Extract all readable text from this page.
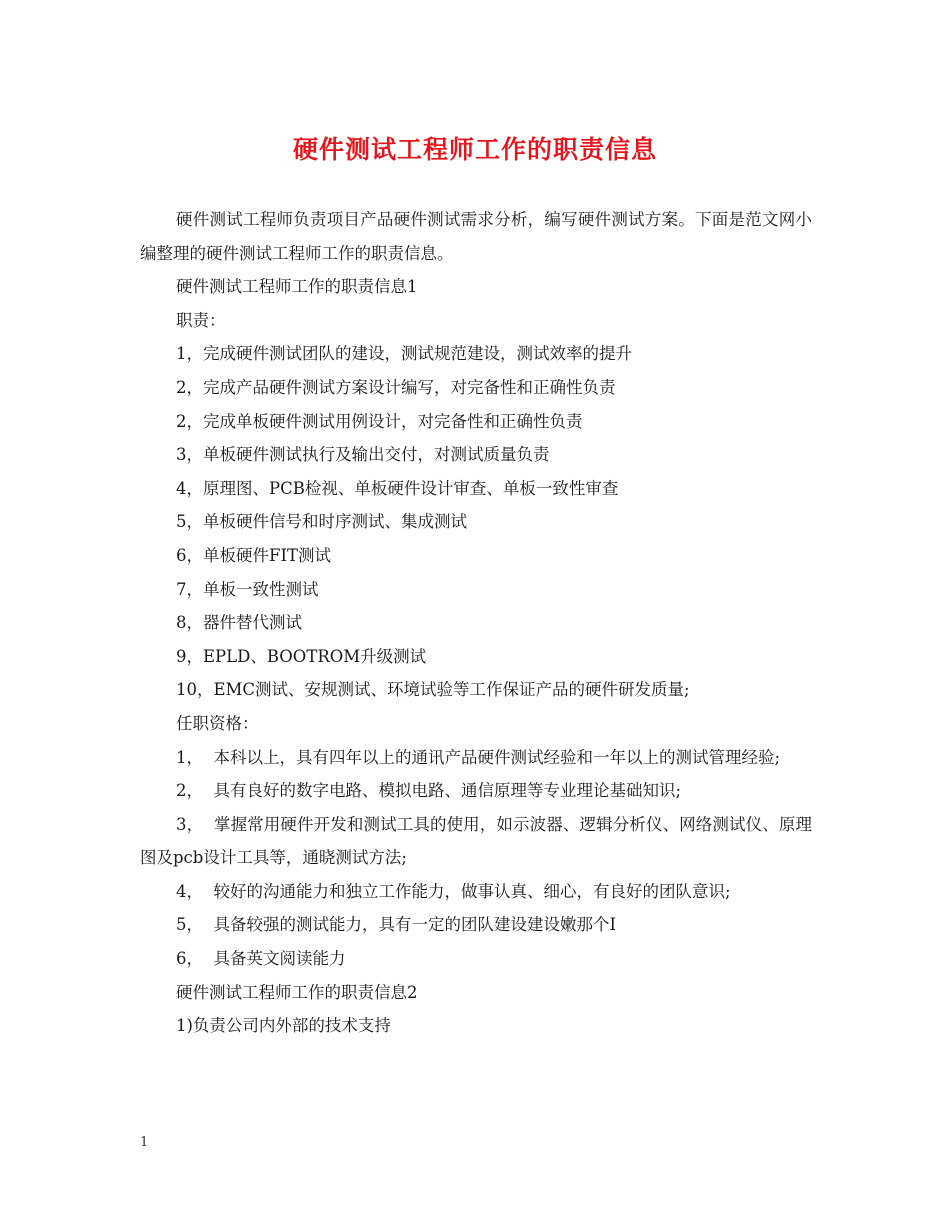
硬件测试工程师工作的职责信息

硬件测试工程师负责项目产品硬件测试需求分析，编写硬件测试方案。下面是范文网小编整理的硬件测试工程师工作的职责信息。

硬件测试工程师工作的职责信息1

职责：

1，完成硬件测试团队的建设，测试规范建设，测试效率的提升

2，完成产品硬件测试方案设计编写，对完备性和正确性负责

2，完成单板硬件测试用例设计，对完备性和正确性负责

3，单板硬件测试执行及输出交付，对测试质量负责

4，原理图、PCB检视、单板硬件设计审查、单板一致性审查

5，单板硬件信号和时序测试、集成测试

6，单板硬件FIT测试

7，单板一致性测试

8，器件替代测试

9，EPLD、BOOTROM升级测试

10，EMC测试、安规测试、环境试验等工作保证产品的硬件研发质量;

任职资格：

1，  本科以上，具有四年以上的通讯产品硬件测试经验和一年以上的测试管理经验;

2，  具有良好的数字电路、模拟电路、通信原理等专业理论基础知识;

3，  掌握常用硬件开发和测试工具的使用，如示波器、逻辑分析仪、网络测试仪、原理图及pcb设计工具等，通晓测试方法;

4，  较好的沟通能力和独立工作能力，做事认真、细心，有良好的团队意识;

5，  具备较强的测试能力，具有一定的团队建设建设嫩那个I

6，  具备英文阅读能力

硬件测试工程师工作的职责信息2

1)负责公司内外部的技术支持

1
